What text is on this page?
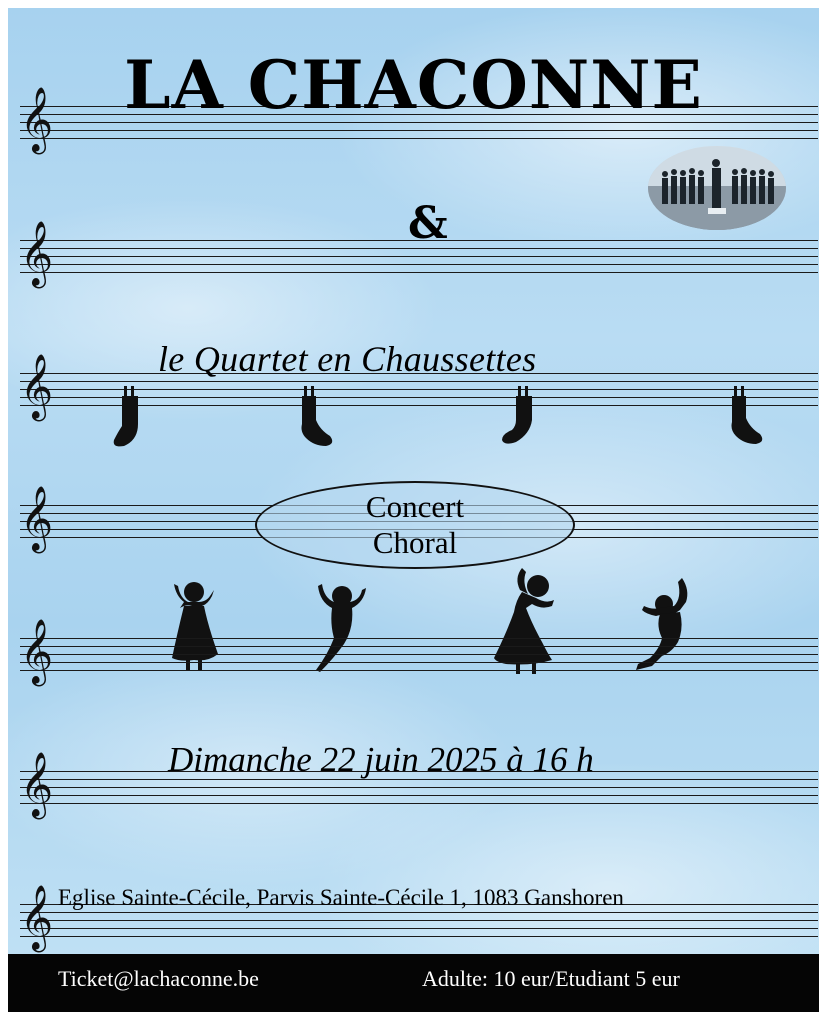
𝄞	LA CHACONNE
𝄞	&
𝄞	le Quartet en Chaussettes
𝄞	Concert
Choral
𝄞
𝄞	Dimanche 22 juin 2025 à 16 h
𝄞 Eglise Sainte-Cécile, Parvis Sainte-Cécile 1, 1083 Ganshoren
Ticket@lachaconne.be	Adulte: 10 eur/Etudiant 5 eur
